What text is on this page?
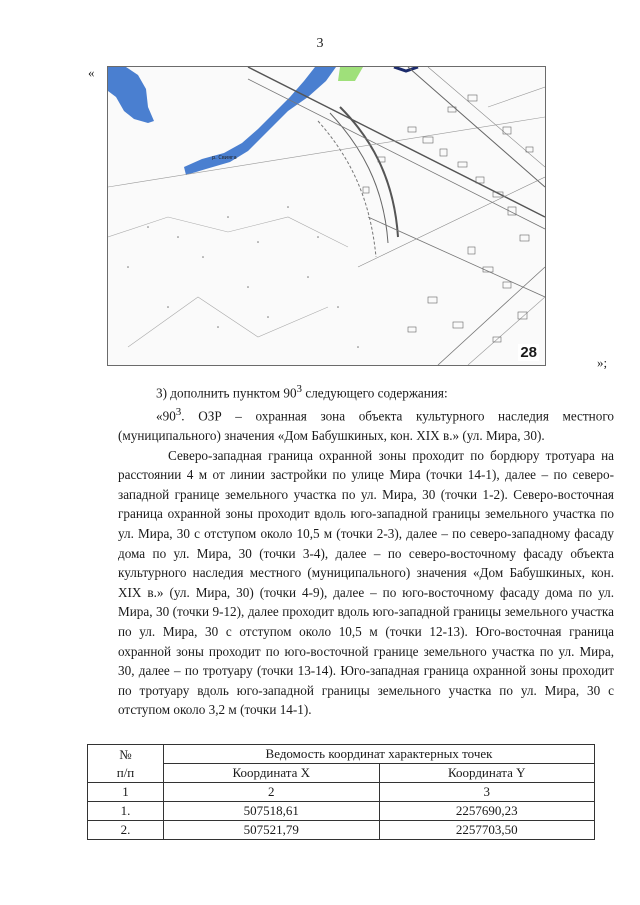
3
«
р. Свияга
28
»;

3) дополнить пунктом $90^3$ следующего содержания:

«$90^3$. ОЗР – охранная зона объекта культурного наследия местного (муниципального) значения «Дом Бабушкиных, кон. XIX в.» (ул. Мира, 30).

Северо-западная граница охранной зоны проходит по бордюру тротуара на расстоянии 4 м от линии застройки по улице Мира (точки 14-1), далее – по северо-западной границе земельного участка по ул. Мира, 30 (точки 1-2). Северо-восточная граница охранной зоны проходит вдоль юго-западной границы земельного участка по ул. Мира, 30 с отступом около 10,5 м (точки 2-3), далее – по северо-западному фасаду дома по ул. Мира, 30 (точки 3-4), далее – по северо-восточному фасаду объекта культурного наследия местного (муниципального) значения «Дом Бабушкиных, кон. XIX в.» (ул. Мира, 30) (точки 4-9), далее – по юго-восточному фасаду дома по ул. Мира, 30 (точки 9-12), далее проходит вдоль юго-западной границы земельного участка по ул. Мира, 30 с отступом около 10,5 м (точки 12-13). Юго-восточная граница охранной зоны проходит по юго-восточной границе земельного участка по ул. Мира, 30, далее – по тротуару (точки 13-14). Юго-западная граница охранной зоны проходит по тротуару вдоль юго-западной границы земельного участка по ул. Мира, 30 с отступом около 3,2 м (точки 14-1).

№
п/п	Ведомость координат характерных точек	
	Координата X	Координата Y
1	2	3
1.	507518,61	2257690,23
2.	507521,79	2257703,50
